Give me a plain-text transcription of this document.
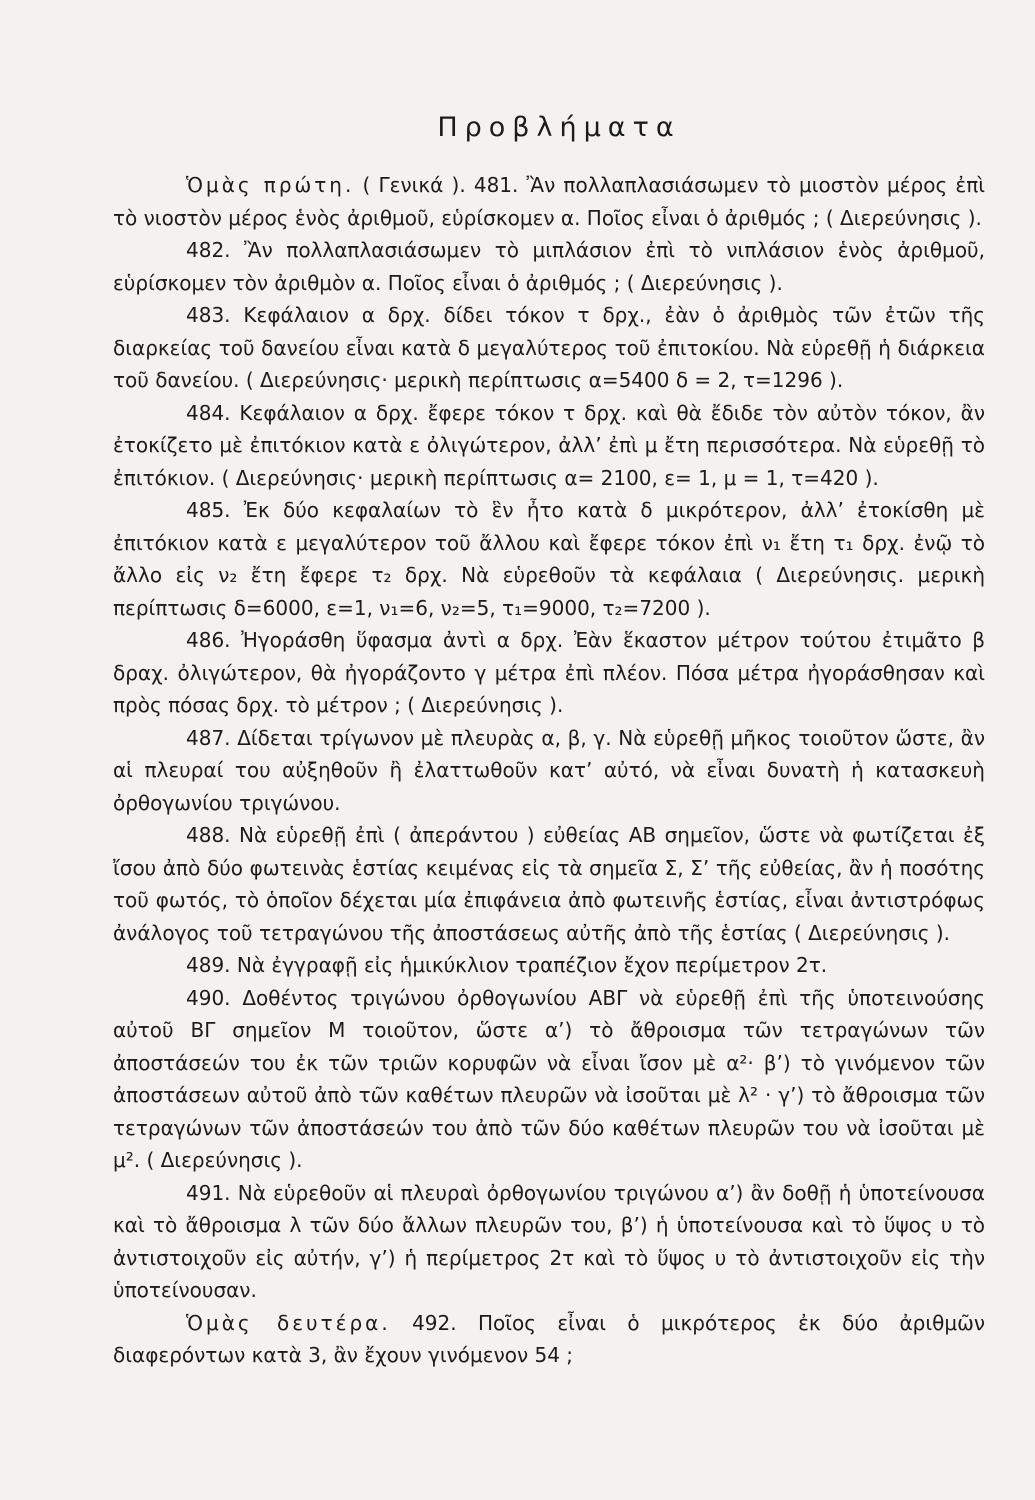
Προβλήματα

Ὁμὰς πρώτη. ( Γενικά ). 481. Ἂν πολλαπλασιάσωμεν τὸ μιοστὸν μέρος ἐπὶ τὸ νιοστὸν μέρος ἑνὸς ἀριθμοῦ, εὑρίσκομεν α. Ποῖος εἶναι ὁ ἀριθμός ; ( Διερεύνησις ).

482. Ἂν πολλαπλασιάσωμεν τὸ μιπλάσιον ἐπὶ τὸ νιπλάσιον ἑνὸς ἀριθμοῦ, εὑρίσκομεν τὸν ἀριθμὸν α. Ποῖος εἶναι ὁ ἀριθμός ; ( Διερεύνησις ).

483. Κεφάλαιον α δρχ. δίδει τόκον τ δρχ., ἐὰν ὁ ἀριθμὸς τῶν ἐτῶν τῆς διαρκείας τοῦ δανείου εἶναι κατὰ δ μεγαλύτερος τοῦ ἐπιτοκίου. Νὰ εὑρεθῇ ἡ διάρκεια τοῦ δανείου. ( Διερεύνησις· μερικὴ περίπτωσις α=5400 δ = 2, τ=1296 ).

484. Κεφάλαιον α δρχ. ἔφερε τόκον τ δρχ. καὶ θὰ ἔδιδε τὸν αὐτὸν τόκον, ἂν ἐτοκίζετο μὲ ἐπιτόκιον κατὰ ε ὀλιγώτερον, ἀλλ’ ἐπὶ μ ἔτη περισσότερα. Νὰ εὑρεθῇ τὸ ἐπιτόκιον. ( Διερεύνησις· μερικὴ περίπτωσις α= 2100, ε= 1, μ = 1, τ=420 ).

485. Ἐκ δύο κεφαλαίων τὸ ἓν ἦτο κατὰ δ μικρότερον, ἀλλ’ ἐτοκίσθη μὲ ἐπιτόκιον κατὰ ε μεγαλύτερον τοῦ ἄλλου καὶ ἔφερε τόκον ἐπὶ ν₁ ἔτη τ₁ δρχ. ἐνῷ τὸ ἄλλο εἰς ν₂ ἔτη ἔφερε τ₂ δρχ. Νὰ εὑρεθοῦν τὰ κεφάλαια ( Διερεύνησις. μερικὴ περίπτωσις δ=6000, ε=1, ν₁=6, ν₂=5, τ₁=9000, τ₂=7200 ).

486. Ἠγοράσθη ὕφασμα ἀντὶ α δρχ. Ἐὰν ἕκαστον μέτρον τούτου ἐτιμᾶτο β δραχ. ὀλιγώτερον, θὰ ἠγοράζοντο γ μέτρα ἐπὶ πλέον. Πόσα μέτρα ἠγοράσθησαν καὶ πρὸς πόσας δρχ. τὸ μέτρον ; ( Διερεύνησις ).

487. Δίδεται τρίγωνον μὲ πλευρὰς α, β, γ. Νὰ εὑρεθῇ μῆκος τοιοῦτον ὥστε, ἂν αἱ πλευραί του αὐξηθοῦν ἢ ἐλαττωθοῦν κατ’ αὐτό, νὰ εἶναι δυνατὴ ἡ κατασκευὴ ὀρθογωνίου τριγώνου.

488. Νὰ εὑρεθῇ ἐπὶ ( ἀπεράντου ) εὐθείας ΑΒ σημεῖον, ὥστε νὰ φωτίζεται ἐξ ἴσου ἀπὸ δύο φωτεινὰς ἑστίας κειμένας εἰς τὰ σημεῖα Σ, Σ’ τῆς εὐθείας, ἂν ἡ ποσότης τοῦ φωτός, τὸ ὁποῖον δέχεται μία ἐπιφάνεια ἀπὸ φωτεινῆς ἑστίας, εἶναι ἀντιστρόφως ἀνάλογος τοῦ τετραγώνου τῆς ἀποστάσεως αὐτῆς ἀπὸ τῆς ἑστίας ( Διερεύνησις ).

489. Νὰ ἐγγραφῇ εἰς ἡμικύκλιον τραπέζιον ἔχον περίμετρον 2τ.

490. Δοθέντος τριγώνου ὀρθογωνίου ΑΒΓ νὰ εὑρεθῇ ἐπὶ τῆς ὑποτεινούσης αὐτοῦ ΒΓ σημεῖον Μ τοιοῦτον, ὥστε α’) τὸ ἄθροισμα τῶν τετραγώνων τῶν ἀποστάσεών του ἐκ τῶν τριῶν κορυφῶν νὰ εἶναι ἴσον μὲ α²· β’) τὸ γινόμενον τῶν ἀποστάσεων αὐτοῦ ἀπὸ τῶν καθέτων πλευρῶν νὰ ἰσοῦται μὲ λ² · γ’) τὸ ἄθροισμα τῶν τετραγώνων τῶν ἀποστάσεών του ἀπὸ τῶν δύο καθέτων πλευρῶν του νὰ ἰσοῦται μὲ μ². ( Διερεύνησις ).

491. Νὰ εὑρεθοῦν αἱ πλευραὶ ὀρθογωνίου τριγώνου α’) ἂν δοθῇ ἡ ὑποτείνουσα καὶ τὸ ἄθροισμα λ τῶν δύο ἄλλων πλευρῶν του, β’) ἡ ὑποτείνουσα καὶ τὸ ὕψος υ τὸ ἀντιστοιχοῦν εἰς αὐτήν, γ’) ἡ περίμετρος 2τ καὶ τὸ ὕψος υ τὸ ἀντιστοιχοῦν εἰς τὴν ὑποτείνουσαν.

Ὁμὰς δευτέρα. 492. Ποῖος εἶναι ὁ μικρότερος ἐκ δύο ἀριθμῶν διαφερόντων κατὰ 3, ἂν ἔχουν γινόμενον 54 ;
